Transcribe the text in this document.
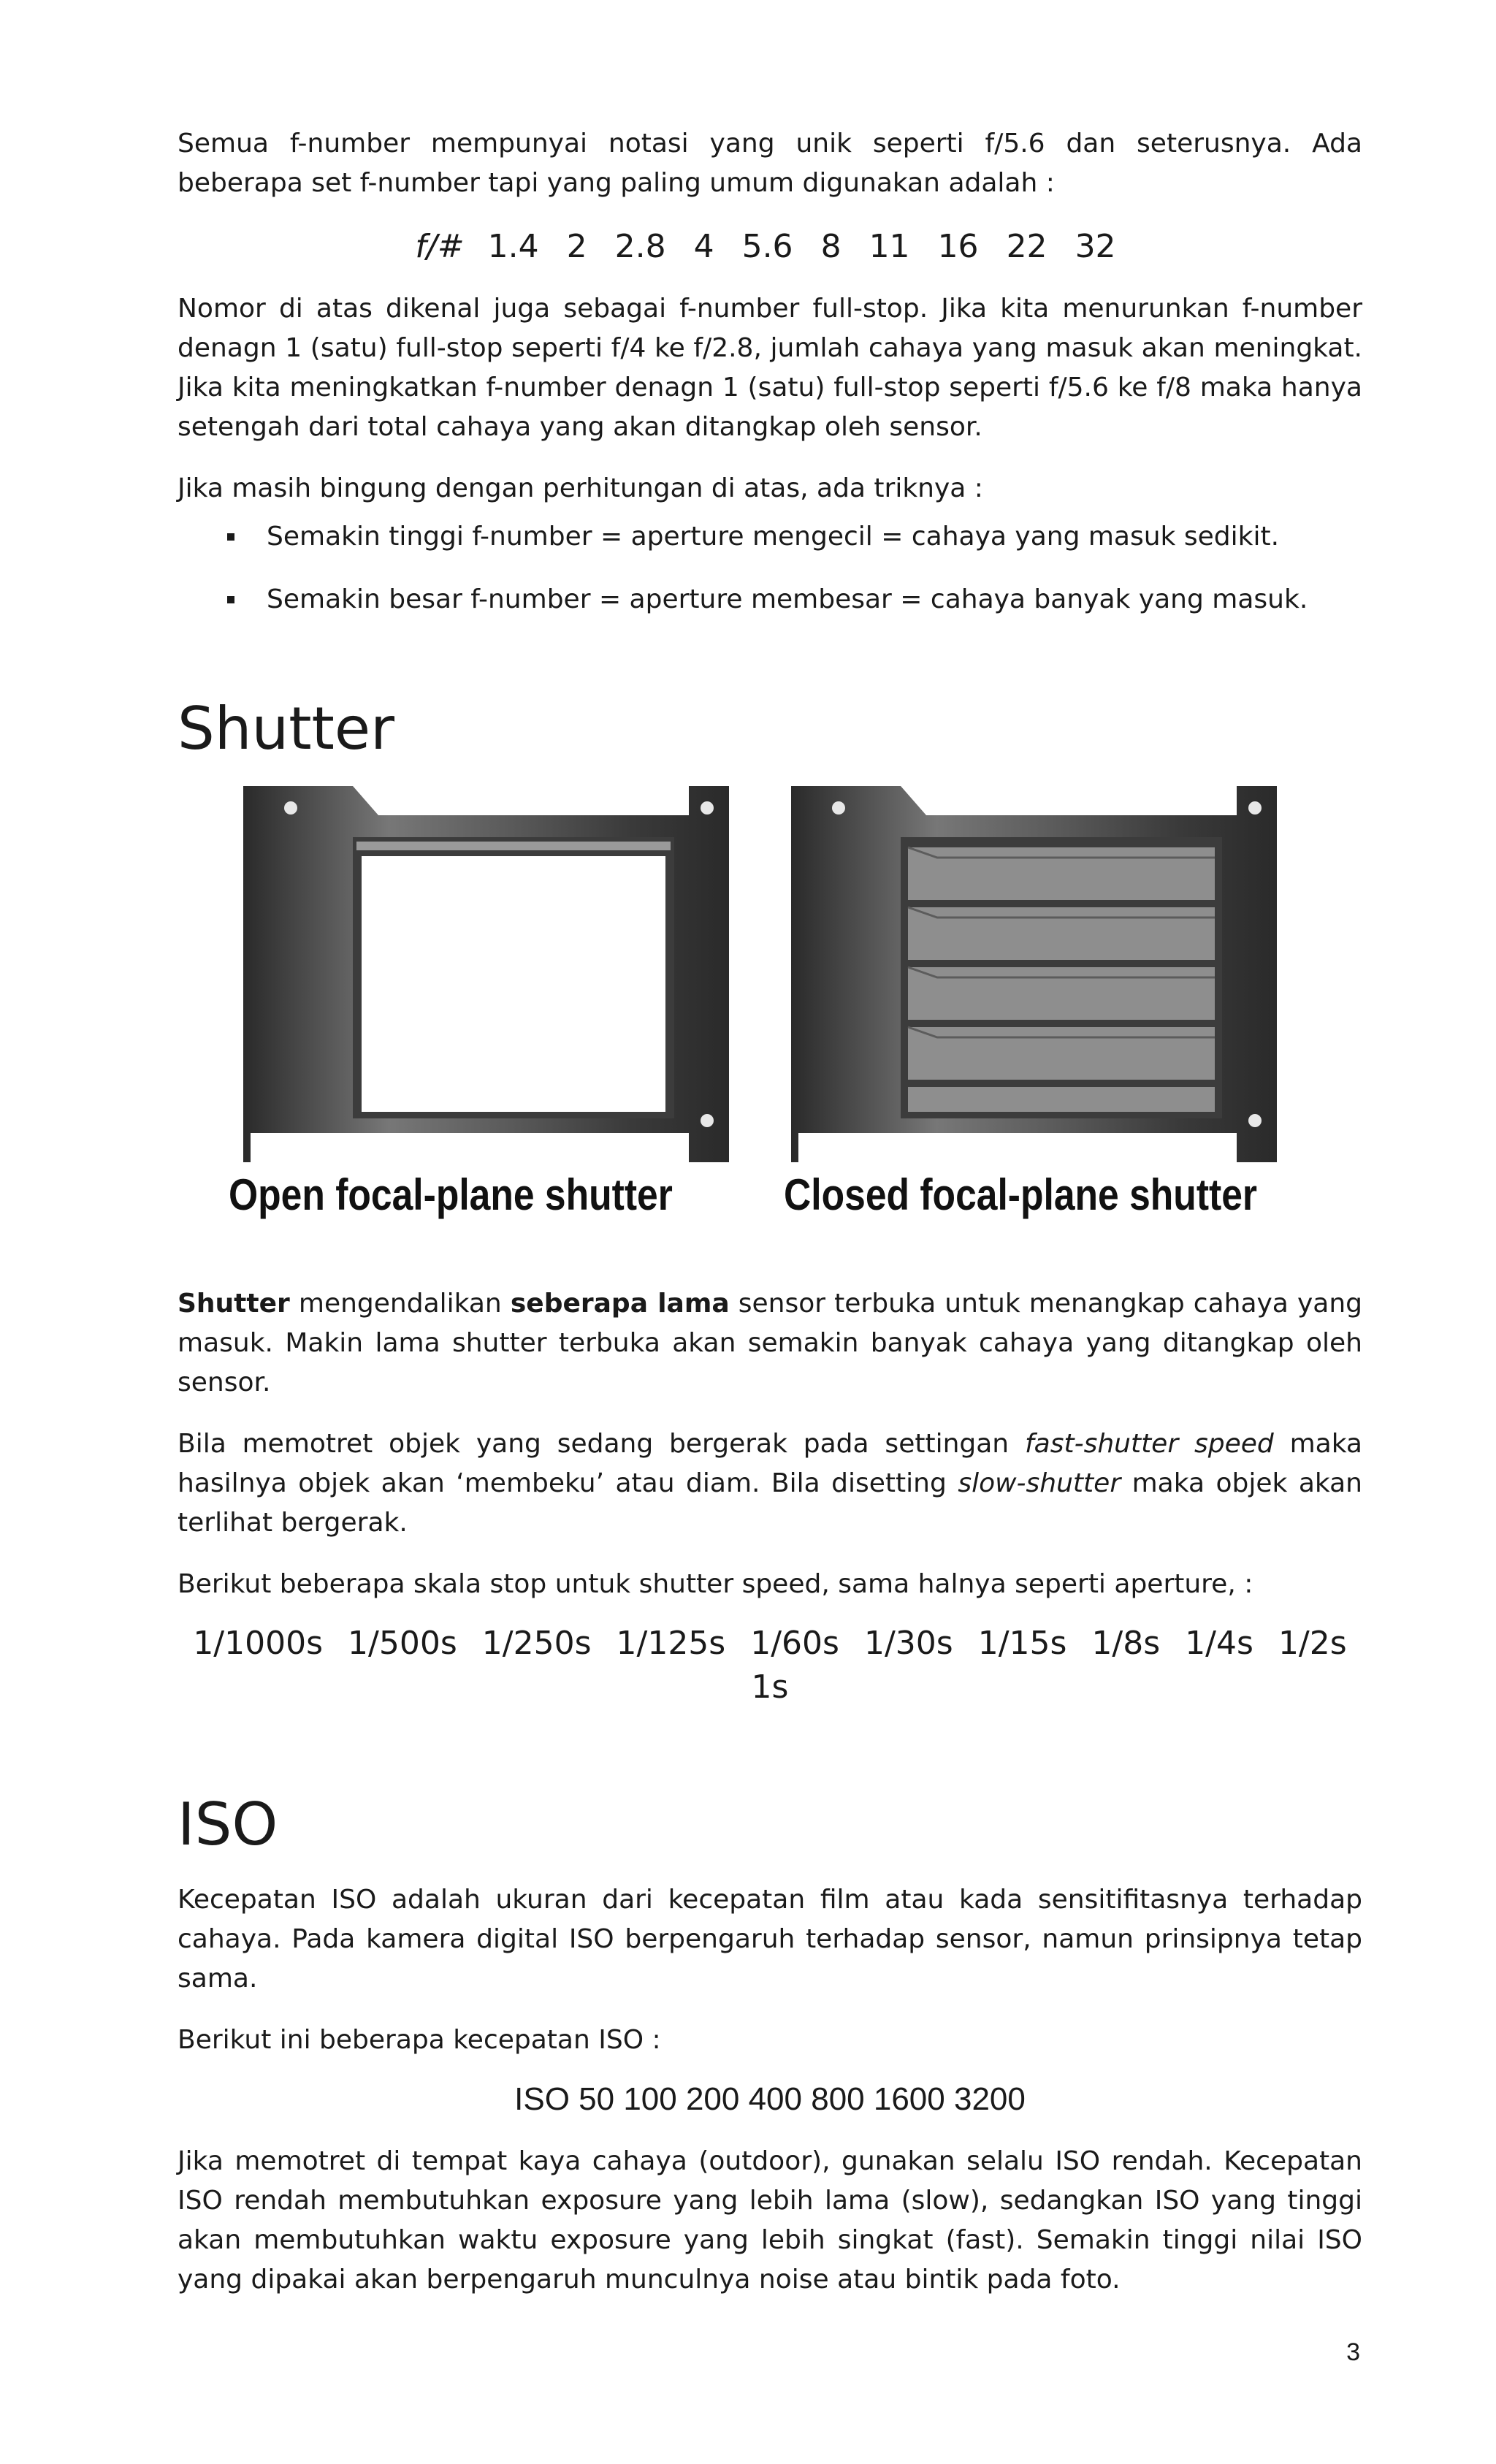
Semua f-number mempunyai notasi yang unik seperti f/5.6 dan seterusnya. Ada beberapa set f-number tapi yang paling umum digunakan adalah :

f/# 1.4 2 2.8 4 5.6 8 11 16 22 32

Nomor di atas dikenal juga sebagai f-number full-stop. Jika kita menurunkan f-number denagn 1 (satu) full-stop seperti f/4 ke f/2.8, jumlah cahaya yang masuk akan meningkat. Jika kita meningkatkan f-number denagn 1 (satu) full-stop seperti f/5.6 ke f/8 maka hanya setengah dari total cahaya yang akan ditangkap oleh sensor.

Jika masih bingung dengan perhitungan di atas, ada triknya :

Semakin tinggi f-number = aperture mengecil = cahaya yang masuk sedikit.
Semakin besar f-number = aperture membesar = cahaya banyak yang masuk.
Shutter
Open focal-plane shutter	Closed focal-plane shutter

Shutter mengendalikan seberapa lama sensor terbuka untuk menangkap cahaya yang masuk. Makin lama shutter terbuka akan semakin banyak cahaya yang ditangkap oleh sensor.

Bila memotret objek yang sedang bergerak pada settingan fast-shutter speed maka hasilnya objek akan ‘membeku’ atau diam. Bila disetting slow-shutter maka objek akan terlihat bergerak.

Berikut beberapa skala stop untuk shutter speed, sama halnya seperti aperture, :

1/1000s 1/500s 1/250s 1/125s 1/60s 1/30s 1/15s 1/8s 1/4s 1/2s 1s
ISO

Kecepatan ISO adalah ukuran dari kecepatan film atau kada sensitifitasnya terhadap cahaya. Pada kamera digital ISO berpengaruh terhadap sensor, namun prinsipnya tetap sama.

Berikut ini beberapa kecepatan ISO :

ISO 50 100 200 400 800 1600 3200

Jika memotret di tempat kaya cahaya (outdoor), gunakan selalu ISO rendah. Kecepatan ISO rendah membutuhkan exposure yang lebih lama (slow), sedangkan ISO yang tinggi akan membutuhkan waktu exposure yang lebih singkat (fast). Semakin tinggi nilai ISO yang dipakai akan berpengaruh munculnya noise atau bintik pada foto.

3
